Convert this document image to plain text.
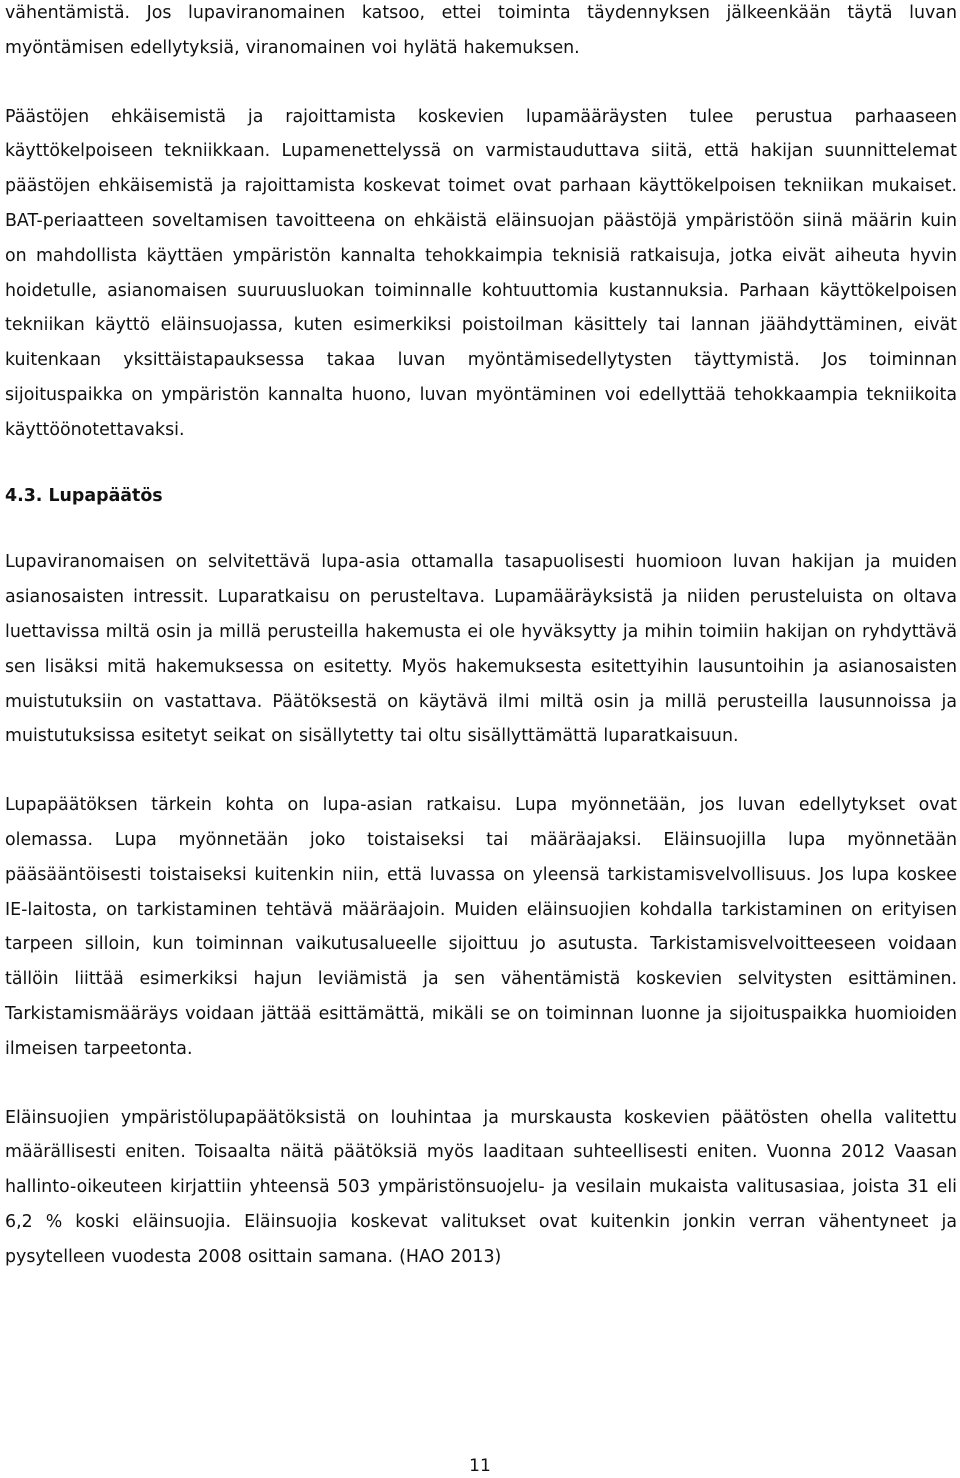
vähentämistä. Jos lupaviranomainen katsoo, ettei toiminta täydennyksen jälkeenkään täytä luvan myöntämisen edellytyksiä, viranomainen voi hylätä hakemuksen.

Päästöjen ehkäisemistä ja rajoittamista koskevien lupamääräysten tulee perustua parhaaseen käyttökelpoiseen tekniikkaan. Lupamenettelyssä on varmistauduttava siitä, että hakijan suunnittelemat päästöjen ehkäisemistä ja rajoittamista koskevat toimet ovat parhaan käyttökelpoisen tekniikan mukaiset. BAT-periaatteen soveltamisen tavoitteena on ehkäistä eläinsuojan päästöjä ympäristöön siinä määrin kuin on mahdollista käyttäen ympäristön kannalta tehokkaimpia teknisiä ratkaisuja, jotka eivät aiheuta hyvin hoidetulle, asianomaisen suuruusluokan toiminnalle kohtuuttomia kustannuksia. Parhaan käyttökelpoisen tekniikan käyttö eläinsuojassa, kuten esimerkiksi poistoilman käsittely tai lannan jäähdyttäminen, eivät kuitenkaan yksittäistapauksessa takaa luvan myöntämisedellytysten täyttymistä. Jos toiminnan sijoituspaikka on ympäristön kannalta huono, luvan myöntäminen voi edellyttää tehokkaampia tekniikoita käyttöönotettavaksi.

4.3. Lupapäätös

Lupaviranomaisen on selvitettävä lupa-asia ottamalla tasapuolisesti huomioon luvan hakijan ja muiden asianosaisten intressit. Luparatkaisu on perusteltava. Lupamääräyksistä ja niiden perusteluista on oltava luettavissa miltä osin ja millä perusteilla hakemusta ei ole hyväksytty ja mihin toimiin hakijan on ryhdyttävä sen lisäksi mitä hakemuksessa on esitetty. Myös hakemuksesta esitettyihin lausuntoihin ja asianosaisten muistutuksiin on vastattava. Päätöksestä on käytävä ilmi miltä osin ja millä perusteilla lausunnoissa ja muistutuksissa esitetyt seikat on sisällytetty tai oltu sisällyttämättä luparatkaisuun.

Lupapäätöksen tärkein kohta on lupa-asian ratkaisu. Lupa myönnetään, jos luvan edellytykset ovat olemassa. Lupa myönnetään joko toistaiseksi tai määräajaksi. Eläinsuojilla lupa myönnetään pääsääntöisesti toistaiseksi kuitenkin niin, että luvassa on yleensä tarkistamisvelvollisuus. Jos lupa koskee IE-laitosta, on tarkistaminen tehtävä määräajoin. Muiden eläinsuojien kohdalla tarkistaminen on erityisen tarpeen silloin, kun toiminnan vaikutusalueelle sijoittuu jo asutusta. Tarkistamisvelvoitteeseen voidaan tällöin liittää esimerkiksi hajun leviämistä ja sen vähentämistä koskevien selvitysten esittäminen. Tarkistamismääräys voidaan jättää esittämättä, mikäli se on toiminnan luonne ja sijoituspaikka huomioiden ilmeisen tarpeetonta.

Eläinsuojien ympäristölupapäätöksistä on louhintaa ja murskausta koskevien päätösten ohella valitettu määrällisesti eniten. Toisaalta näitä päätöksiä myös laaditaan suhteellisesti eniten. Vuonna 2012 Vaasan hallinto-oikeuteen kirjattiin yhteensä 503 ympäristönsuojelu- ja vesilain mukaista valitusasiaa, joista 31 eli 6,2 % koski eläinsuojia. Eläinsuojia koskevat valitukset ovat kuitenkin jonkin verran vähentyneet ja pysytelleen vuodesta 2008 osittain samana. (HAO 2013)

11
